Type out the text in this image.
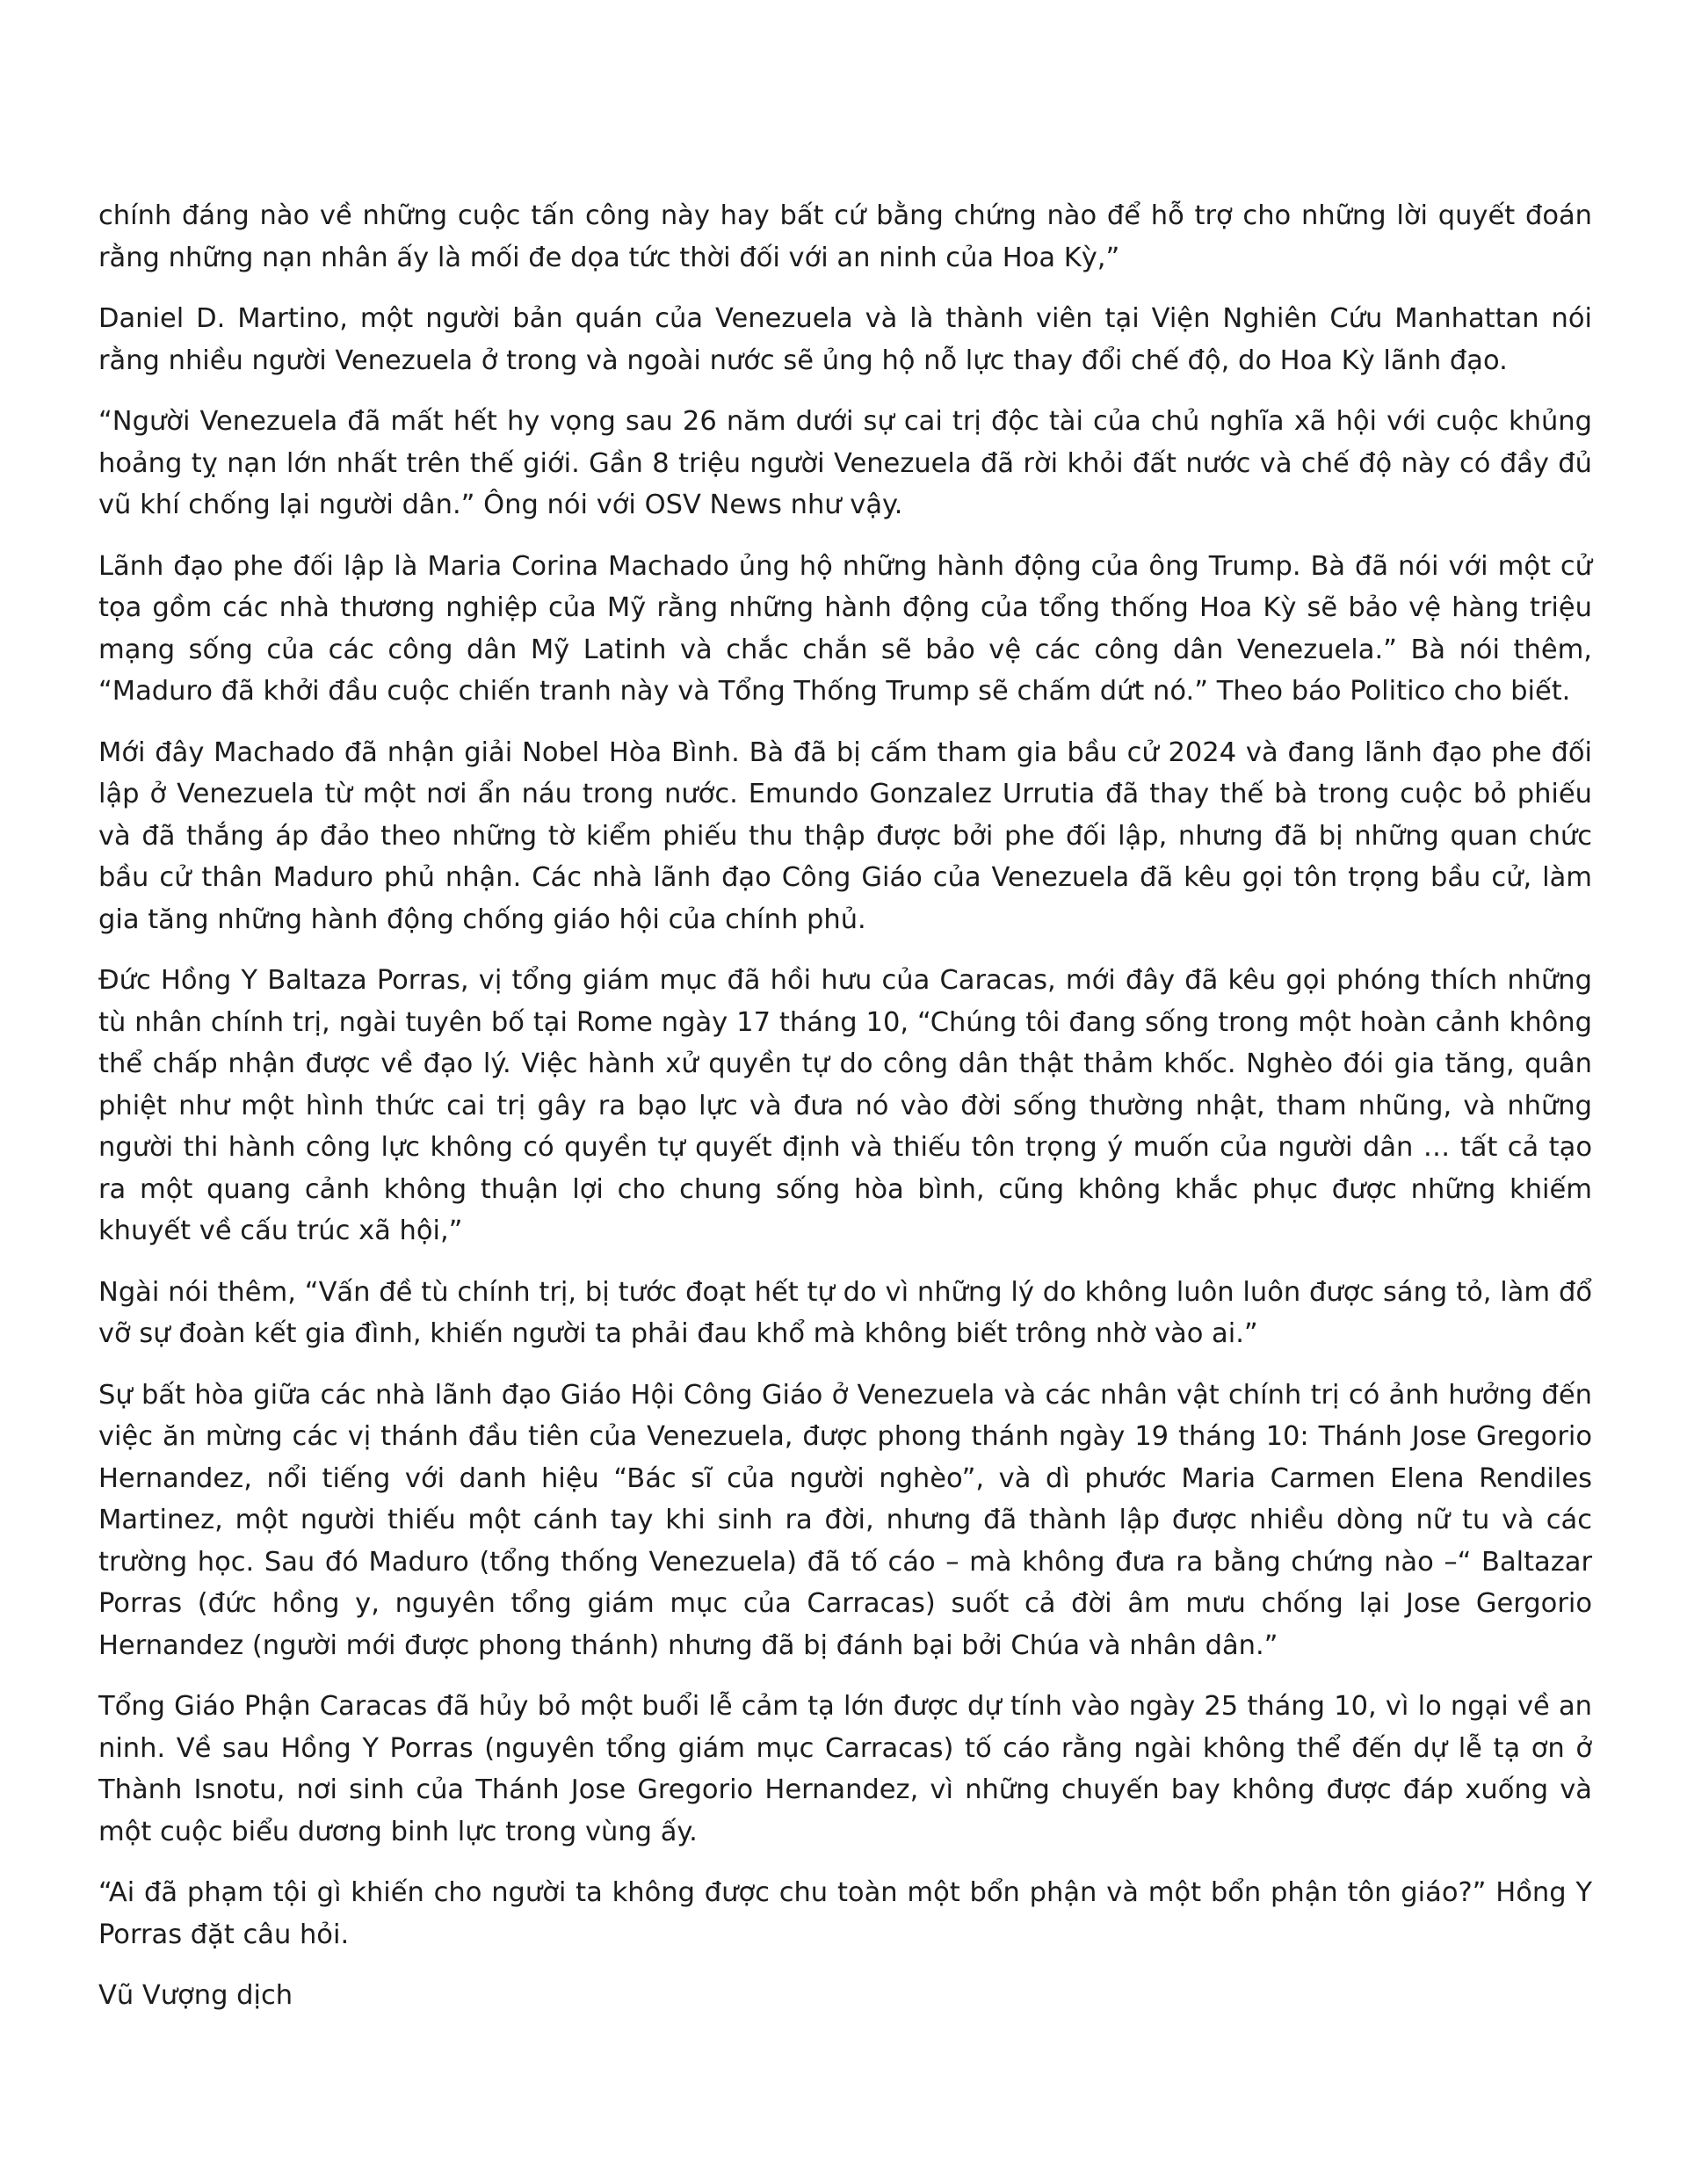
chính đáng nào về những cuộc tấn công này hay bất cứ bằng chứng nào để hỗ trợ cho những lời quyết đoán rằng những nạn nhân ấy là mối đe dọa tức thời đối với an ninh của Hoa Kỳ,”

Daniel D. Martino, một người bản quán của Venezuela và là thành viên tại Viện Nghiên Cứu Manhattan nói rằng nhiều người Venezuela ở trong và ngoài nước sẽ ủng hộ nỗ lực thay đổi chế độ, do Hoa Kỳ lãnh đạo.

“Người Venezuela đã mất hết hy vọng sau 26 năm dưới sự cai trị độc tài của chủ nghĩa xã hội với cuộc khủng hoảng tỵ nạn lớn nhất trên thế giới. Gần 8 triệu người Venezuela đã rời khỏi đất nước và chế độ này có đầy đủ vũ khí chống lại người dân.” Ông nói với OSV News như vậy.

Lãnh đạo phe đối lập là Maria Corina Machado ủng hộ những hành động của ông Trump. Bà đã nói với một cử tọa gồm các nhà thương nghiệp của Mỹ rằng những hành động của tổng thống Hoa Kỳ sẽ bảo vệ hàng triệu mạng sống của các công dân Mỹ Latinh và chắc chắn sẽ bảo vệ các công dân Venezuela.” Bà nói thêm, “Maduro đã khởi đầu cuộc chiến tranh này và Tổng Thống Trump sẽ chấm dứt nó.” Theo báo Politico cho biết.

Mới đây Machado đã nhận giải Nobel Hòa Bình. Bà đã bị cấm tham gia bầu cử 2024 và đang lãnh đạo phe đối lập ở Venezuela từ một nơi ẩn náu trong nước. Emundo Gonzalez Urrutia đã thay thế bà trong cuộc bỏ phiếu và đã thắng áp đảo theo những tờ kiểm phiếu thu thập được bởi phe đối lập, nhưng đã bị những quan chức bầu cử thân Maduro phủ nhận. Các nhà lãnh đạo Công Giáo của Venezuela đã kêu gọi tôn trọng bầu cử, làm gia tăng những hành động chống giáo hội của chính phủ.

Đức Hồng Y Baltaza Porras, vị tổng giám mục đã hồi hưu của Caracas, mới đây đã kêu gọi phóng thích những tù nhân chính trị, ngài tuyên bố tại Rome ngày 17 tháng 10, “Chúng tôi đang sống trong một hoàn cảnh không thể chấp nhận được về đạo lý. Việc hành xử quyền tự do công dân thật thảm khốc. Nghèo đói gia tăng, quân phiệt như một hình thức cai trị gây ra bạo lực và đưa nó vào đời sống thường nhật, tham nhũng, và những người thi hành công lực không có quyền tự quyết định và thiếu tôn trọng ý muốn của người dân … tất cả tạo ra một quang cảnh không thuận lợi cho chung sống hòa bình, cũng không khắc phục được những khiếm khuyết về cấu trúc xã hội,”

Ngài nói thêm, “Vấn đề tù chính trị, bị tước đoạt hết tự do vì những lý do không luôn luôn được sáng tỏ, làm đổ vỡ sự đoàn kết gia đình, khiến người ta phải đau khổ mà không biết trông nhờ vào ai.”

Sự bất hòa giữa các nhà lãnh đạo Giáo Hội Công Giáo ở Venezuela và các nhân vật chính trị có ảnh hưởng đến việc ăn mừng các vị thánh đầu tiên của Venezuela, được phong thánh ngày 19 tháng 10: Thánh Jose Gregorio Hernandez, nổi tiếng với danh hiệu “Bác sĩ của người nghèo”, và dì phước Maria Carmen Elena Rendiles Martinez, một người thiếu một cánh tay khi sinh ra đời, nhưng đã thành lập được nhiều dòng nữ tu và các trường học. Sau đó Maduro (tổng thống Venezuela) đã tố cáo – mà không đưa ra bằng chứng nào –“ Baltazar Porras (đức hồng y, nguyên tổng giám mục của Carracas) suốt cả đời âm mưu chống lại Jose Gergorio Hernandez (người mới được phong thánh) nhưng đã bị đánh bại bởi Chúa và nhân dân.”

Tổng Giáo Phận Caracas đã hủy bỏ một buổi lễ cảm tạ lớn được dự tính vào ngày 25 tháng 10, vì lo ngại về an ninh. Về sau Hồng Y Porras (nguyên tổng giám mục Carracas) tố cáo rằng ngài không thể đến dự lễ tạ ơn ở Thành Isnotu, nơi sinh của Thánh Jose Gregorio Hernandez, vì những chuyến bay không được đáp xuống và một cuộc biểu dương binh lực trong vùng ấy.

“Ai đã phạm tội gì khiến cho người ta không được chu toàn một bổn phận và một bổn phận tôn giáo?” Hồng Y Porras đặt câu hỏi.

Vũ Vượng dịch
